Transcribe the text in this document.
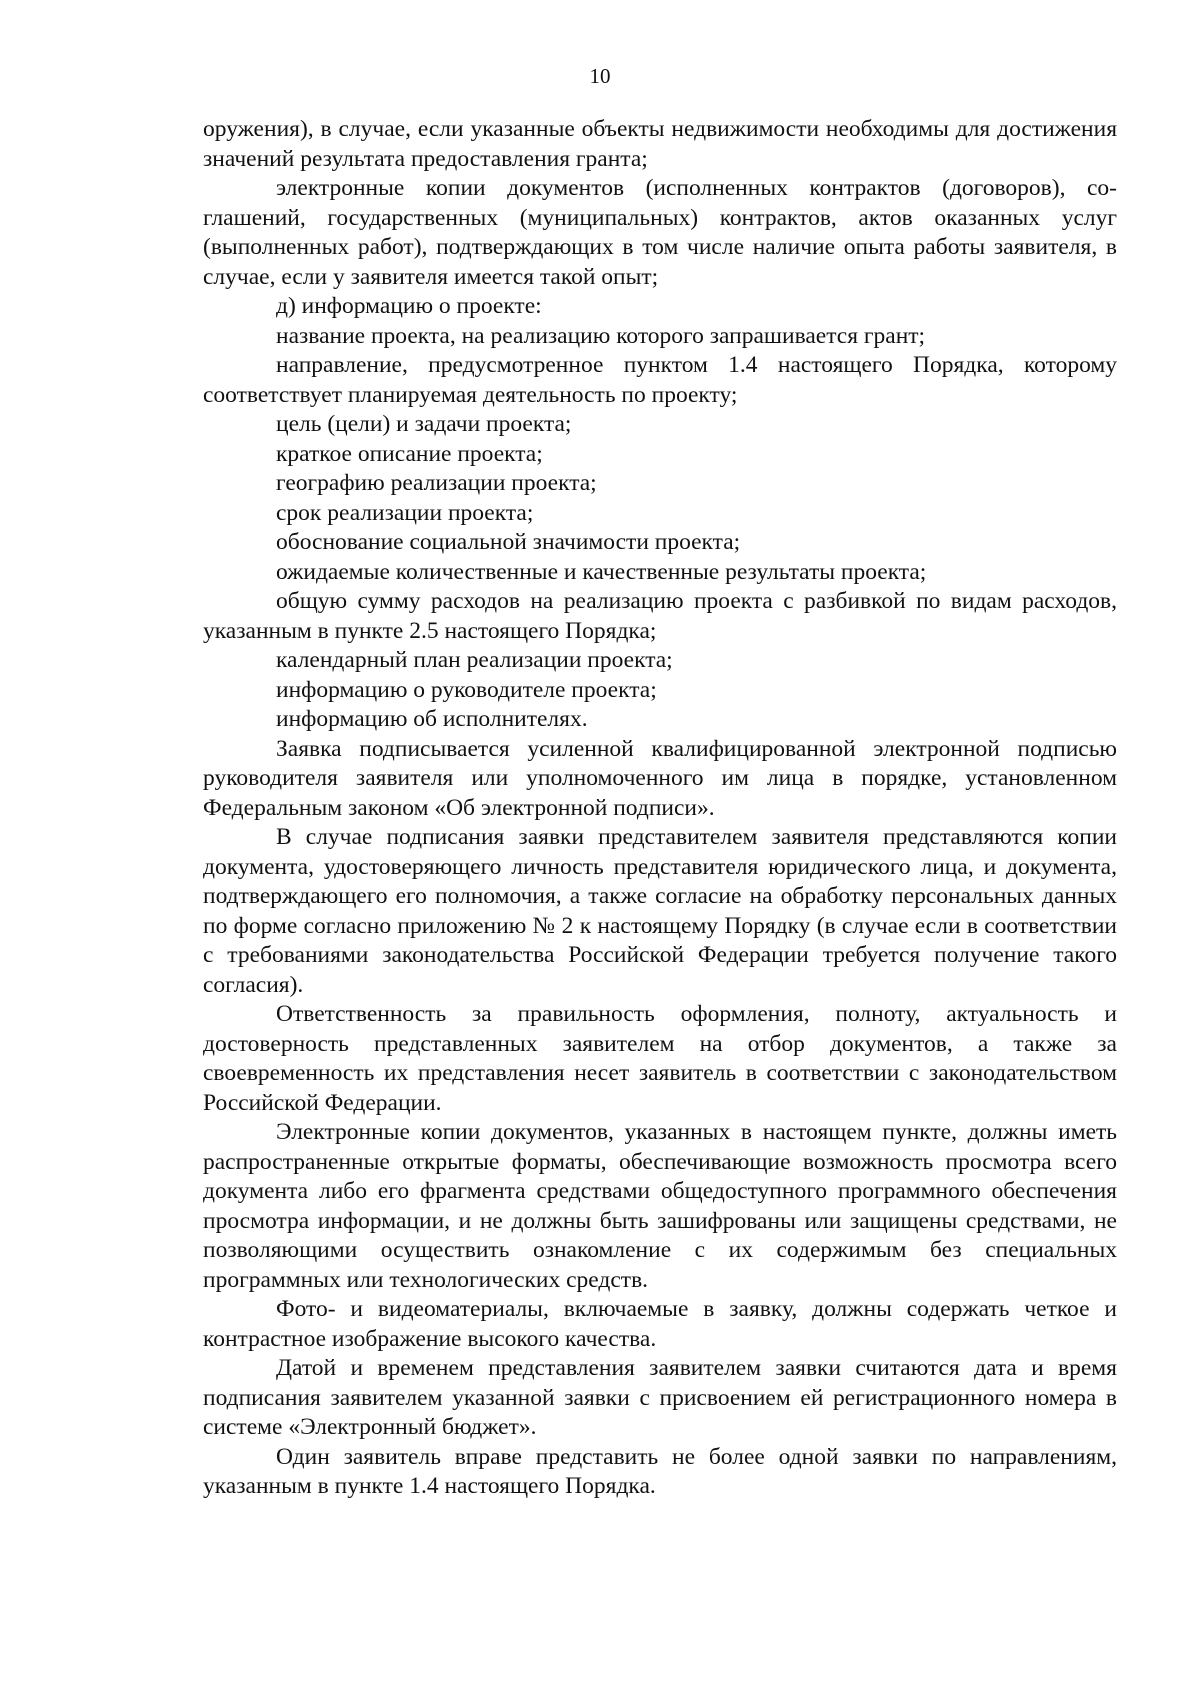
10

оружения), в случае, если указанные объекты недвижимости необходимы для достижения значений результата предоставления гранта;

электронные копии документов (исполненных контрактов (договоров), соглашений, государственных (муниципальных) контрактов, актов оказанных услуг (выполненных работ), подтверждающих в том числе наличие опыта работы заявителя, в случае, если у заявителя имеется такой опыт;

д) информацию о проекте:

название проекта, на реализацию которого запрашивается грант;

направление, предусмотренное пунктом 1.4 настоящего Порядка, которому соответствует планируемая деятельность по проекту;

цель (цели) и задачи проекта;

краткое описание проекта;

географию реализации проекта;

срок реализации проекта;

обоснование социальной значимости проекта;

ожидаемые количественные и качественные результаты проекта;

общую сумму расходов на реализацию проекта с разбивкой по видам расходов, указанным в пункте 2.5 настоящего Порядка;

календарный план реализации проекта;

информацию о руководителе проекта;

информацию об исполнителях.

Заявка подписывается усиленной квалифицированной электронной подписью руководителя заявителя или уполномоченного им лица в порядке, установленном Федеральным законом «Об электронной подписи».

В случае подписания заявки представителем заявителя представляются копии документа, удостоверяющего личность представителя юридического лица, и документа, подтверждающего его полномочия, а также согласие на обработку персональных данных по форме согласно приложению № 2 к настоящему Порядку (в случае если в соответствии с требованиями законодательства Российской Федерации требуется получение такого согласия).

Ответственность за правильность оформления, полноту, актуальность и достоверность представленных заявителем на отбор документов, а также за своевременность их представления несет заявитель в соответствии с законодательством Российской Федерации.

Электронные копии документов, указанных в настоящем пункте, должны иметь распространенные открытые форматы, обеспечивающие возможность просмотра всего документа либо его фрагмента средствами общедоступного программного обеспечения просмотра информации, и не должны быть зашифрованы или защищены средствами, не позволяющими осуществить ознакомление с их содержимым без специальных программных или технологических средств.

Фото- и видеоматериалы, включаемые в заявку, должны содержать четкое и контрастное изображение высокого качества.

Датой и временем представления заявителем заявки считаются дата и время подписания заявителем указанной заявки с присвоением ей регистрационного номера в системе «Электронный бюджет».

Один заявитель вправе представить не более одной заявки по направлениям, указанным в пункте 1.4 настоящего Порядка.
